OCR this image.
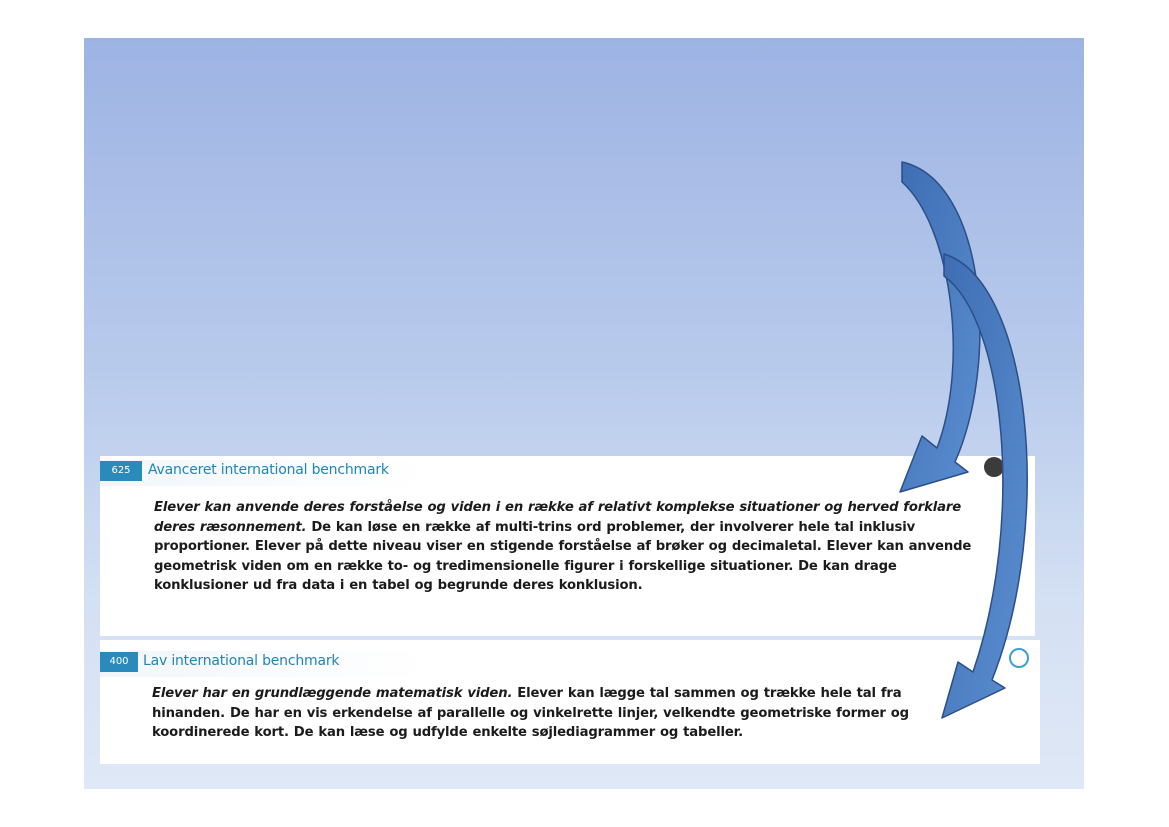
625	Avanceret international benchmark
Elever kan anvende deres forståelse og viden i en række af relativt komplekse situationer og herved forklare deres ræsonnement. De kan løse en række af multi-trins ord problemer, der involverer hele tal inklusiv proportioner. Elever på dette niveau viser en stigende forståelse af brøker og decimaletal. Elever kan anvende geometrisk viden om en række to- og tredimensionelle figurer i forskellige situationer. De kan drage konklusioner ud fra data i en tabel og begrunde deres konklusion.
400	Lav international benchmark
Elever har en grundlæggende matematisk viden. Elever kan lægge tal sammen og trække hele tal fra hinanden. De har en vis erkendelse af parallelle og vinkelrette linjer, velkendte geometriske former og koordinerede kort. De kan læse og udfylde enkelte søjlediagrammer og tabeller.
